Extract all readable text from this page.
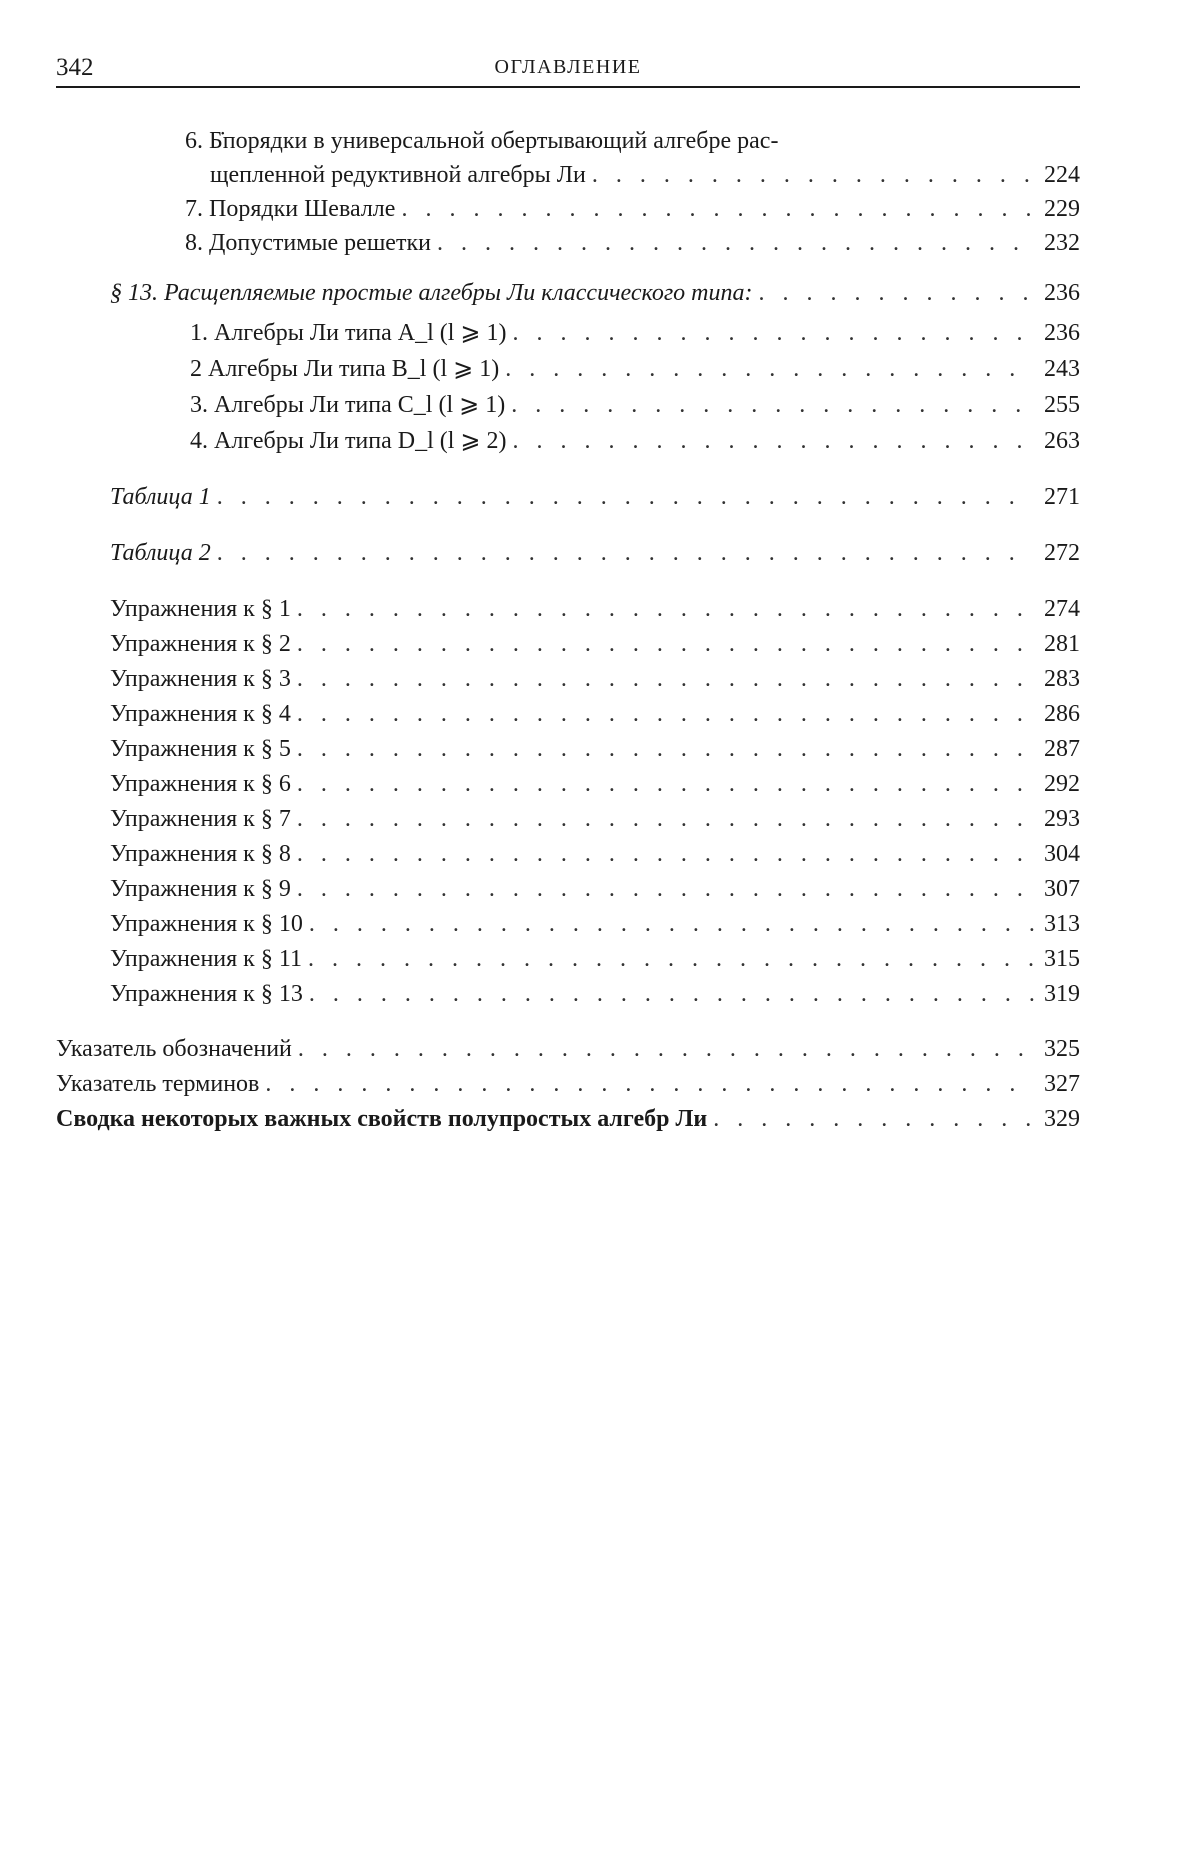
342	ОГЛАВЛЕНИЕ
6. Б̇порядки в универсальной обертывающий алгебре рас-
щепленной редуктивной алгебры Ли . . .	224
7. Порядки Шевалле . . .	229
8. Допустимые решетки . . .	232
§ 13. Расщепляемые простые алгебры Ли классического типа: . . .	236
1. Алгебры Ли типа A_l (l ⩾ 1) . . .	236
2 Алгебры Ли типа B_l (l ⩾ 1) . . .	243
3. Алгебры Ли типа C_l (l ⩾ 1) . . .	255
4. Алгебры Ли типа D_l (l ⩾ 2) . . .	263
Таблица 1 . . .	271
Таблица 2 . . .	272
Упражнения к § 1 . . .	274
Упражнения к § 2 . . .	281
Упражнения к § 3 . . .	283
Упражнения к § 4 . . .	286
Упражнения к § 5 . . .	287
Упражнения к § 6 . . .	292
Упражнения к § 7 . . .	293
Упражнения к § 8 . . .	304
Упражнения к § 9 . . .	307
Упражнения к § 10 . . .	313
Упражнения к § 11 . . .	315
Упражнения к § 13 . . .	319
Указатель обозначений . . .	325
Указатель терминов . . .	327
Сводка некоторых важных свойств полупростых алгебр Ли . . .	329
